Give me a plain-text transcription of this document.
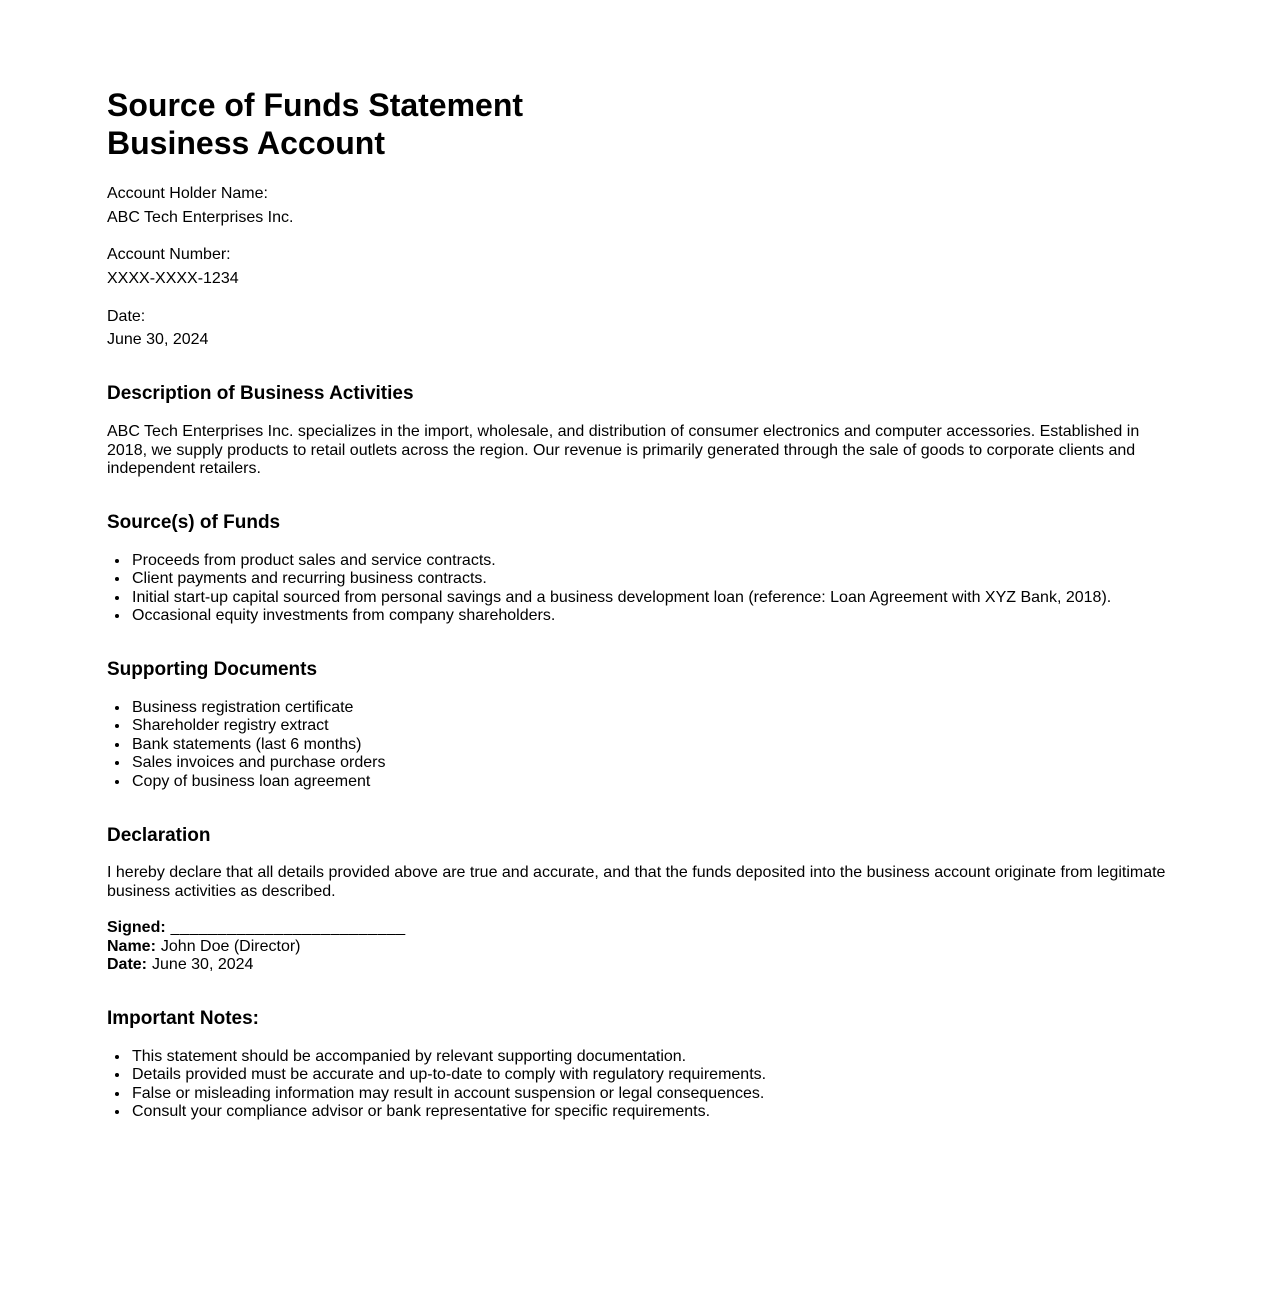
Source of Funds Statement
Business Account
Account Holder Name:
ABC Tech Enterprises Inc.
Account Number:
XXXX-XXXX-1234
Date:
June 30, 2024
Description of Business Activities

ABC Tech Enterprises Inc. specializes in the import, wholesale, and distribution of consumer electronics and computer accessories. Established in 2018, we supply products to retail outlets across the region. Our revenue is primarily generated through the sale of goods to corporate clients and independent retailers.

Source(s) of Funds
• Proceeds from product sales and service contracts.
• Client payments and recurring business contracts.
• Initial start-up capital sourced from personal savings and a business development loan (reference: Loan Agreement with XYZ Bank, 2018).
• Occasional equity investments from company shareholders.
Supporting Documents
• Business registration certificate
• Shareholder registry extract
• Bank statements (last 6 months)
• Sales invoices and purchase orders
• Copy of business loan agreement
Declaration

I hereby declare that all details provided above are true and accurate, and that the funds deposited into the business account originate from legitimate business activities as described.

Signed: _________________________
Name: John Doe (Director)
Date: June 30, 2024
Important Notes:
• This statement should be accompanied by relevant supporting documentation.
• Details provided must be accurate and up-to-date to comply with regulatory requirements.
• False or misleading information may result in account suspension or legal consequences.
• Consult your compliance advisor or bank representative for specific requirements.
